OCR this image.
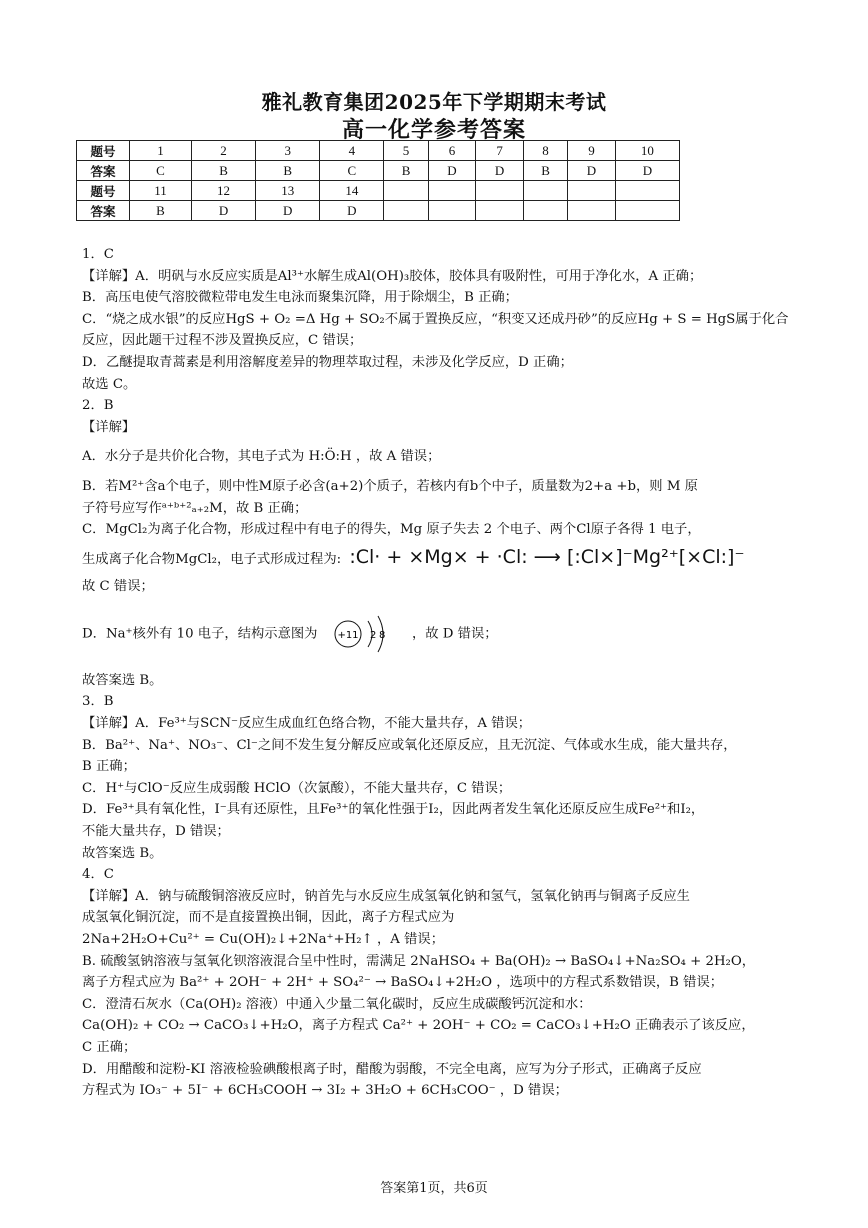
雅礼教育集团2025年下学期期末考试
高一化学参考答案
题号	1	2	3	4	5	6	7	8	9	10
答案	C	B	B	C	B	D	D	B	D	D
题号	11	12	13	14						
答案	B	D	D	D						

1．C

【详解】A．明矾与水反应实质是Al³⁺水解生成Al(OH)₃胶体，胶体具有吸附性，可用于净化水，A 正确；

B．高压电使气溶胶微粒带电发生电泳而聚集沉降，用于除烟尘，B 正确；

C．“烧之成水银”的反应HgS + O₂ =Δ Hg + SO₂不属于置换反应，“积变又还成丹砂”的反应Hg + S = HgS属于化合

反应，因此题干过程不涉及置换反应，C 错误；

D．乙醚提取青蒿素是利用溶解度差异的物理萃取过程，未涉及化学反应，D 正确；

故选 C。

2．B

【详解】

A．水分子是共价化合物，其电子式为 H:Ö:H ，故 A 错误；

B．若M²⁺含a个电子，则中性M原子必含(a+2)个质子，若核内有b个中子，质量数为2+a +b，则 M 原

子符号应写作ᵃ⁺ᵇ⁺²ₐ₊₂M，故 B 正确；

C．MgCl₂为离子化合物，形成过程中有电子的得失，Mg 原子失去 2 个电子、两个Cl原子各得 1 电子，

生成离子化合物MgCl₂，电子式形成过程为: :Cl· + ×Mg× + ·Cl: ⟶ [:Cl×]⁻Mg²⁺[×Cl:]⁻

故 C 错误；

D．Na⁺核外有 10 电子，结构示意图为 +11 2 8 ，故 D 错误；

故答案选 B。

3．B

【详解】A．Fe³⁺与SCN⁻反应生成血红色络合物，不能大量共存，A 错误；

B．Ba²⁺、Na⁺、NO₃⁻、Cl⁻之间不发生复分解反应或氧化还原反应，且无沉淀、气体或水生成，能大量共存，

B 正确；

C．H⁺与ClO⁻反应生成弱酸 HClO（次氯酸），不能大量共存，C 错误；

D．Fe³⁺具有氧化性，I⁻具有还原性，且Fe³⁺的氧化性强于I₂，因此两者发生氧化还原反应生成Fe²⁺和I₂，

不能大量共存，D 错误；

故答案选 B。

4．C

【详解】A．钠与硫酸铜溶液反应时，钠首先与水反应生成氢氧化钠和氢气，氢氧化钠再与铜离子反应生

成氢氧化铜沉淀，而不是直接置换出铜，因此，离子方程式应为

2Na+2H₂O+Cu²⁺ = Cu(OH)₂↓+2Na⁺+H₂↑ ，A 错误；

B. 硫酸氢钠溶液与氢氧化钡溶液混合呈中性时，需满足 2NaHSO₄ + Ba(OH)₂ → BaSO₄↓+Na₂SO₄ + 2H₂O，

离子方程式应为 Ba²⁺ + 2OH⁻ + 2H⁺ + SO₄²⁻ → BaSO₄↓+2H₂O ，选项中的方程式系数错误，B 错误；

C．澄清石灰水（Ca(OH)₂ 溶液）中通入少量二氧化碳时，反应生成碳酸钙沉淀和水：

Ca(OH)₂ + CO₂ → CaCO₃↓+H₂O，离子方程式 Ca²⁺ + 2OH⁻ + CO₂ = CaCO₃↓+H₂O 正确表示了该反应，

C 正确；

D．用醋酸和淀粉-KI 溶液检验碘酸根离子时，醋酸为弱酸，不完全电离，应写为分子形式，正确离子反应

方程式为 IO₃⁻ + 5I⁻ + 6CH₃COOH → 3I₂ + 3H₂O + 6CH₃COO⁻ ，D 错误；

答案第1页，共6页
